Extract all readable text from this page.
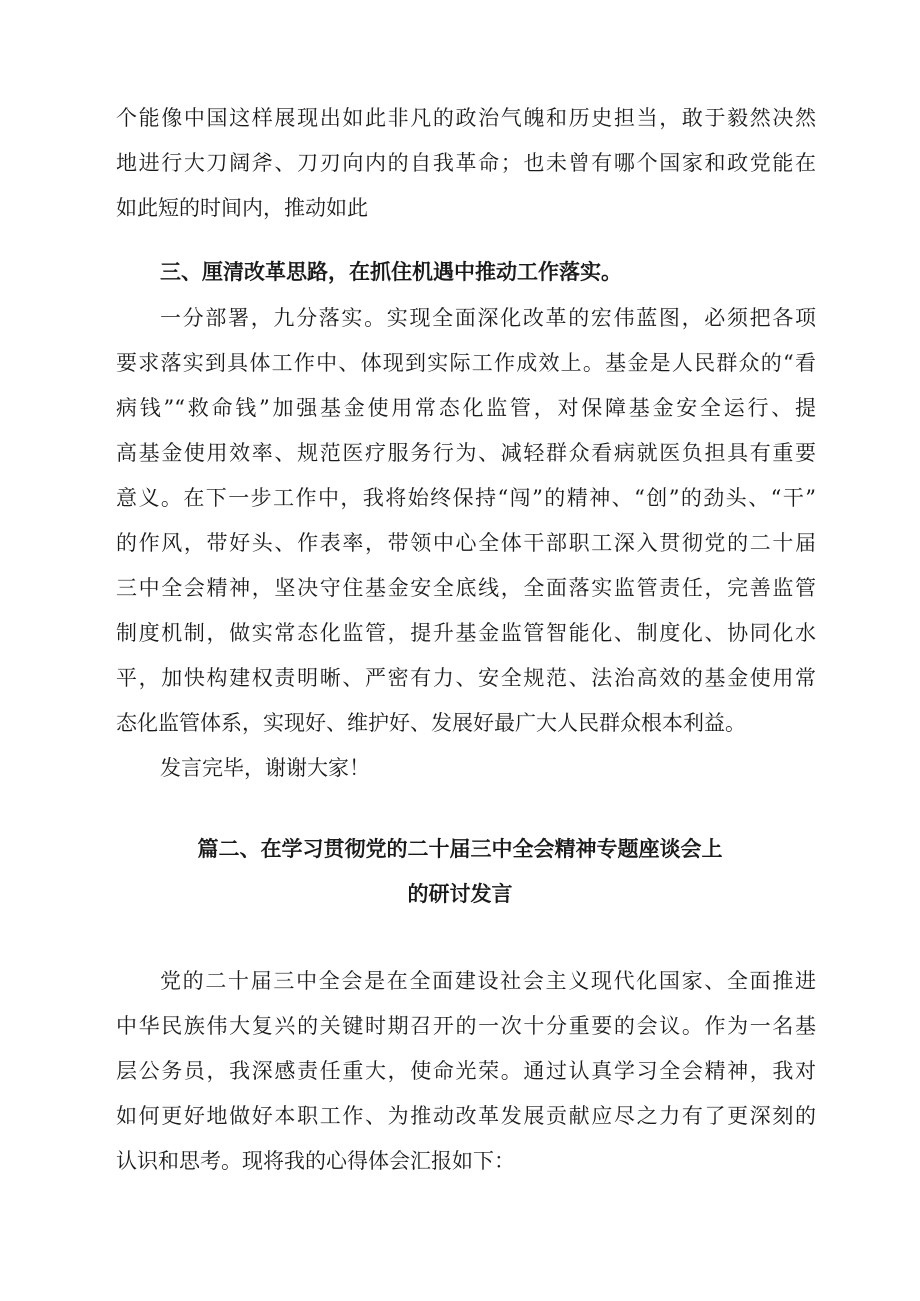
个能像中国这样展现出如此非凡的政治气魄和历史担当，敢于毅然决然
地进行大刀阔斧、刀刃向内的自我革命；也未曾有哪个国家和政党能在
如此短的时间内，推动如此
三、厘清改革思路，在抓住机遇中推动工作落实。
一分部署，九分落实。实现全面深化改革的宏伟蓝图，必须把各项
要求落实到具体工作中、体现到实际工作成效上。基金是人民群众的“看
病钱”“救命钱”加强基金使用常态化监管，对保障基金安全运行、提
高基金使用效率、规范医疗服务行为、减轻群众看病就医负担具有重要
意义。在下一步工作中，我将始终保持“闯”的精神、“创”的劲头、“干”
的作风，带好头、作表率，带领中心全体干部职工深入贯彻党的二十届
三中全会精神，坚决守住基金安全底线，全面落实监管责任，完善监管
制度机制，做实常态化监管，提升基金监管智能化、制度化、协同化水
平，加快构建权责明晰、严密有力、安全规范、法治高效的基金使用常
态化监管体系，实现好、维护好、发展好最广大人民群众根本利益。
发言完毕，谢谢大家！
篇二、在学习贯彻党的二十届三中全会精神专题座谈会上
的研讨发言
党的二十届三中全会是在全面建设社会主义现代化国家、全面推进
中华民族伟大复兴的关键时期召开的一次十分重要的会议。作为一名基
层公务员，我深感责任重大，使命光荣。通过认真学习全会精神，我对
如何更好地做好本职工作、为推动改革发展贡献应尽之力有了更深刻的
认识和思考。现将我的心得体会汇报如下：
